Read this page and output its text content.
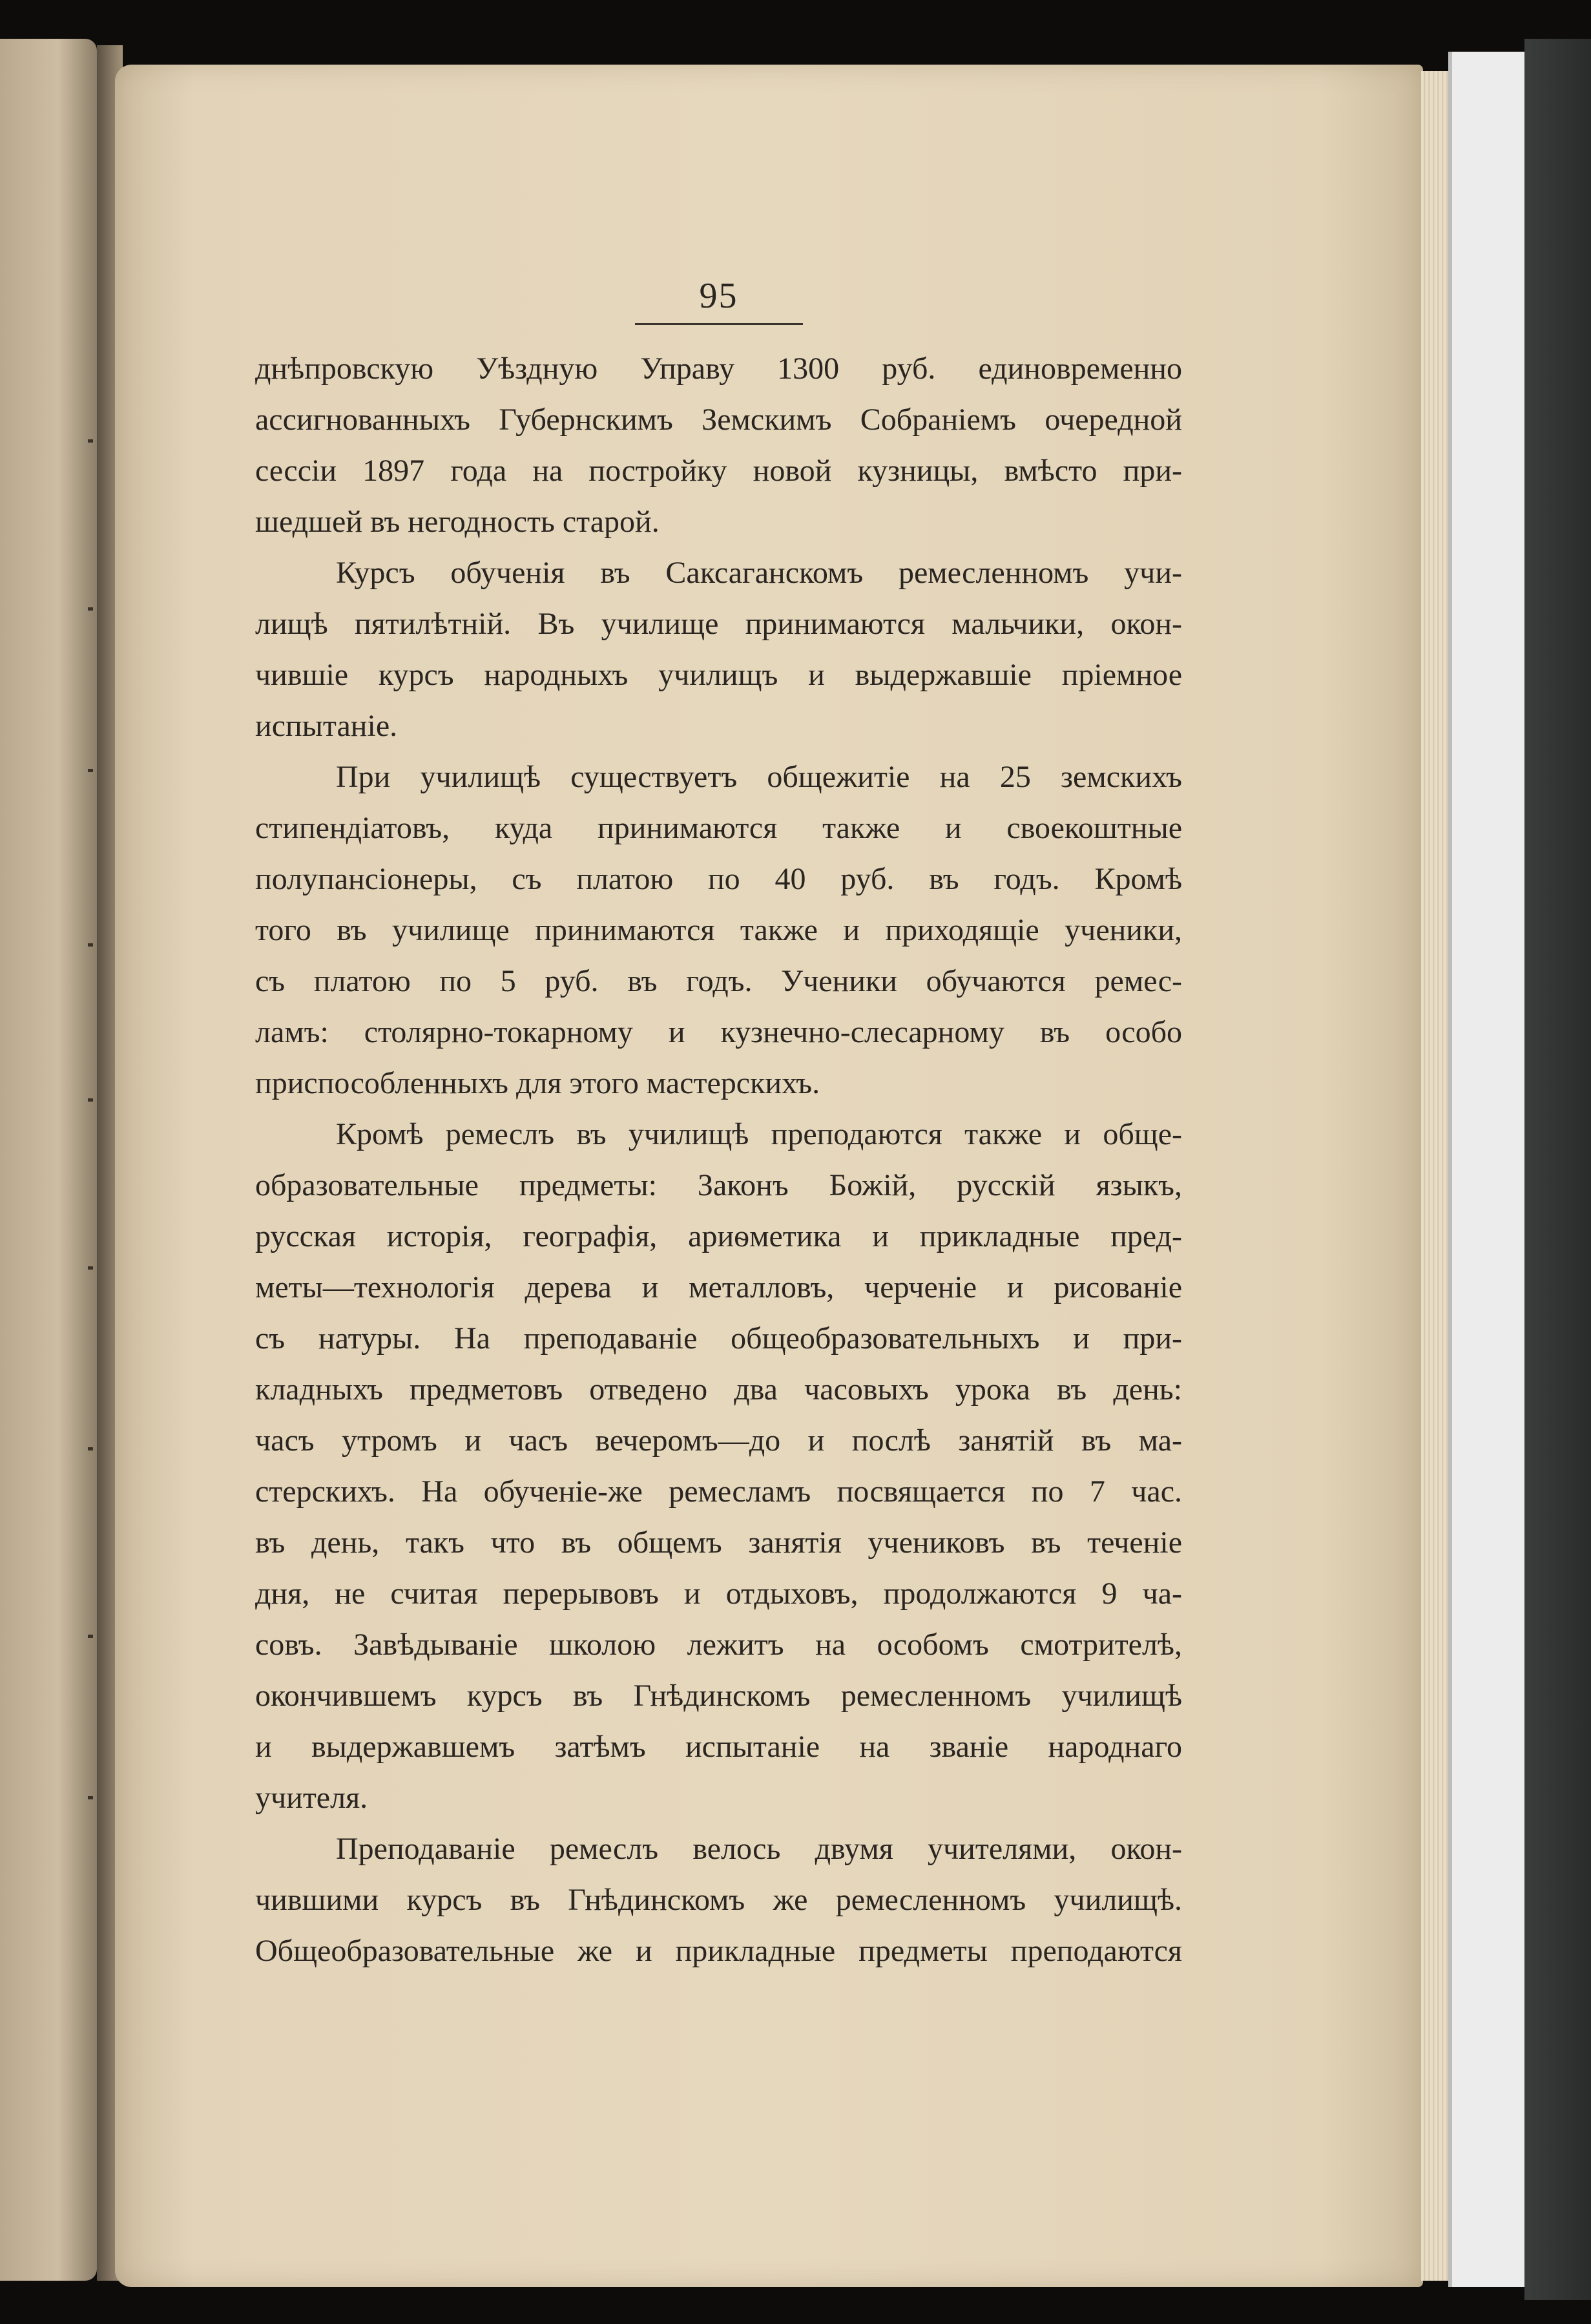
95
днѣпровскую Уѣздную Управу 1300 руб. единовременно
ассигнованныхъ Губернскимъ Земскимъ Собраніемъ очередной
сессіи 1897 года на постройку новой кузницы, вмѣсто при-
шедшей въ негодность старой.
Курсъ обученія въ Саксаганскомъ ремесленномъ учи-
лищѣ пятилѣтній. Въ училище принимаются мальчики, окон-
чившіе курсъ народныхъ училищъ и выдержавшіе пріемное
испытаніе.
При училищѣ существуетъ общежитіе на 25 земскихъ
стипендіатовъ, куда принимаются также и своекоштные
полупансіонеры, съ платою по 40 руб. въ годъ. Кромѣ
того въ училище принимаются также и приходящіе ученики,
съ платою по 5 руб. въ годъ. Ученики обучаются ремес-
ламъ: столярно-токарному и кузнечно-слесарному въ особо
приспособленныхъ для этого мастерскихъ.
Кромѣ ремеслъ въ училищѣ преподаются также и обще-
образовательные предметы: Законъ Божій, русскій языкъ,
русская исторія, географія, ариѳметика и прикладные пред-
меты—технологія дерева и металловъ, черченіе и рисованіе
съ натуры. На преподаваніе общеобразовательныхъ и при-
кладныхъ предметовъ отведено два часовыхъ урока въ день:
часъ утромъ и часъ вечеромъ—до и послѣ занятій въ ма-
стерскихъ. На обученіе-же ремесламъ посвящается по 7 час.
въ день, такъ что въ общемъ занятія учениковъ въ теченіе
дня, не считая перерывовъ и отдыховъ, продолжаются 9 ча-
совъ. Завѣдываніе школою лежитъ на особомъ смотрителѣ,
окончившемъ курсъ въ Гнѣдинскомъ ремесленномъ училищѣ
и выдержавшемъ затѣмъ испытаніе на званіе народнаго
учителя.
Преподаваніе ремеслъ велось двумя учителями, окон-
чившими курсъ въ Гнѣдинскомъ же ремесленномъ училищѣ.
Общеобразовательные же и прикладные предметы преподаются
